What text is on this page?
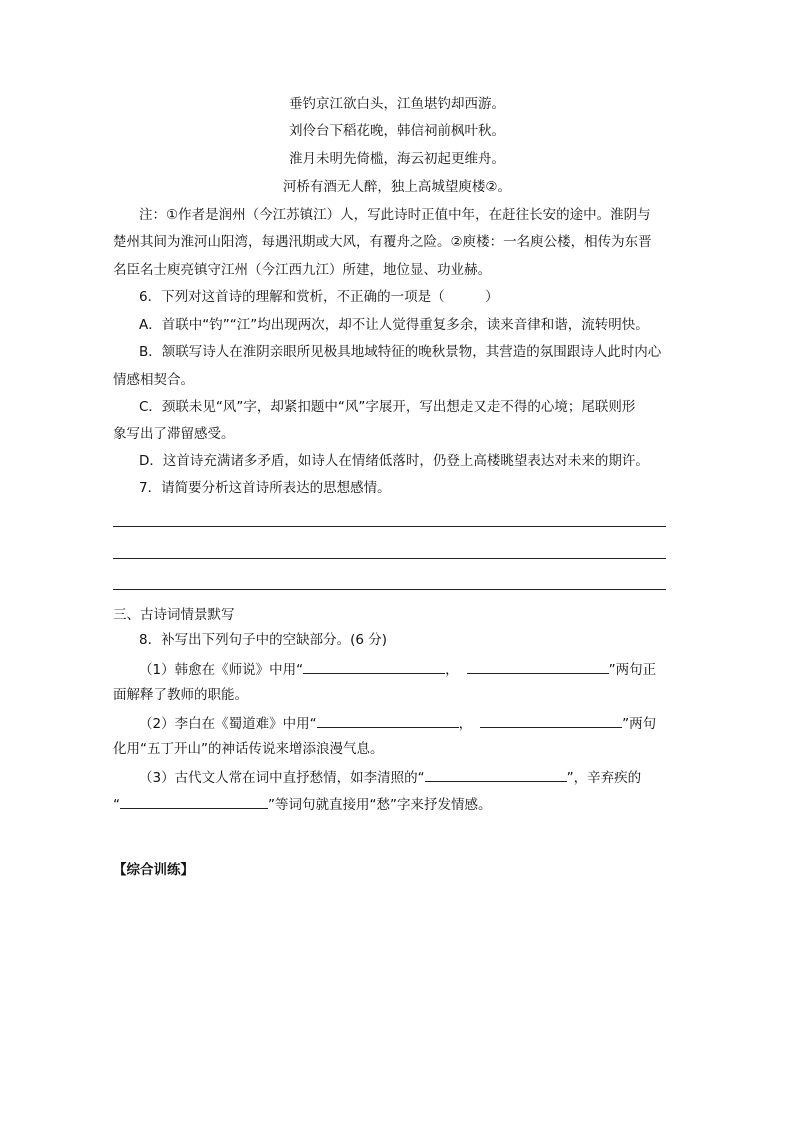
垂钓京江欲白头，江鱼堪钓却西游。
刘伶台下稻花晚，韩信祠前枫叶秋。
淮月未明先倚槛，海云初起更维舟。
河桥有酒无人醉，独上高城望庾楼②。
注：①作者是润州（今江苏镇江）人，写此诗时正值中年，在赶往长安的途中。淮阴与
楚州其间为淮河山阳湾，每遇汛期或大风，有覆舟之险。②庾楼：一名庾公楼，相传为东晋
名臣名士庾亮镇守江州（今江西九江）所建，地位显、功业赫。
6．下列对这首诗的理解和赏析，不正确的一项是（　　　）
A．首联中“钓”“江”均出现两次，却不让人觉得重复多余，读来音律和谐，流转明快。
B．颔联写诗人在淮阴亲眼所见极具地域特征的晚秋景物，其营造的氛围跟诗人此时内心
情感相契合。
C．颈联未见“风”字，却紧扣题中“风”字展开，写出想走又走不得的心境；尾联则形
象写出了滞留感受。
D．这首诗充满诸多矛盾，如诗人在情绪低落时，仍登上高楼眺望表达对未来的期许。
7．请简要分析这首诗所表达的思想感情。
三、古诗词情景默写
8．补写出下列句子中的空缺部分。(6 分)
（1）韩愈在《师说》中用“	，	”两句正
面解释了教师的职能。
（2）李白在《蜀道难》中用“	，	”两句
化用“五丁开山”的神话传说来增添浪漫气息。
（3）古代文人常在词中直抒愁情，如李清照的“	”，辛弃疾的
“	”等词句就直接用“愁”字来抒发情感。
【综合训练】
